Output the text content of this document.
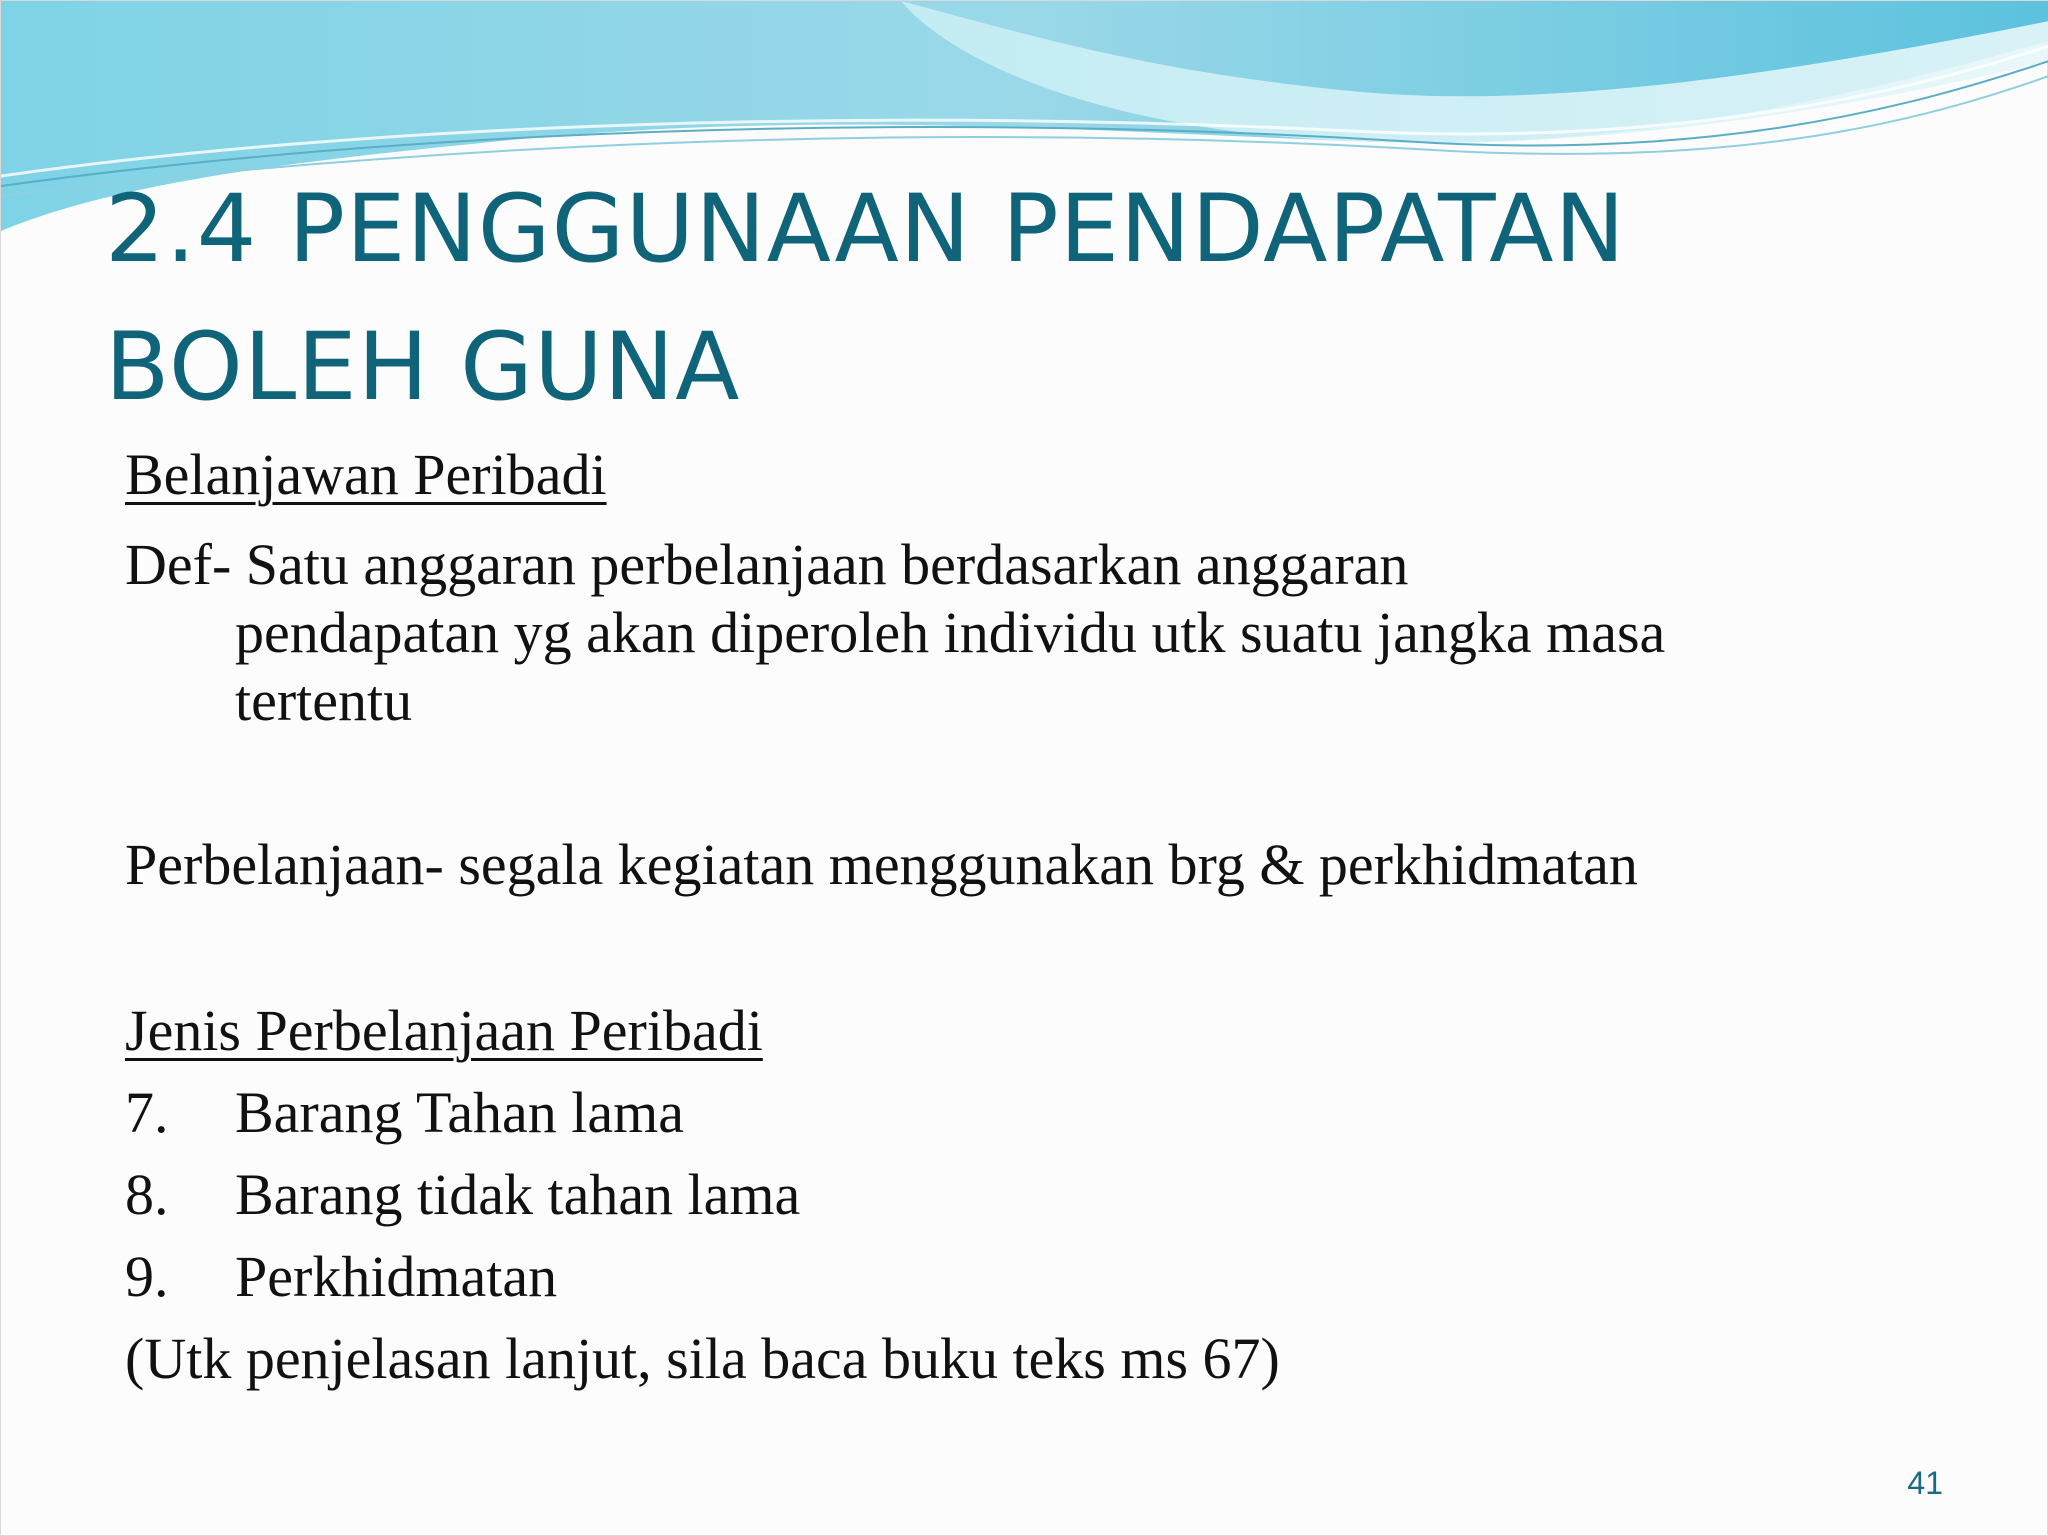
2.4 PENGGUNAAN PENDAPATAN
BOLEH GUNA
Belanjawan Peribadi
Def- Satu anggaran perbelanjaan berdasarkan anggaran
pendapatan yg akan diperoleh individu utk suatu jangka masa
tertentu
Perbelanjaan- segala kegiatan menggunakan brg & perkhidmatan
Jenis Perbelanjaan Peribadi
7. Barang Tahan lama
8. Barang tidak tahan lama
9. Perkhidmatan
(Utk penjelasan lanjut, sila baca buku teks ms 67)
41
